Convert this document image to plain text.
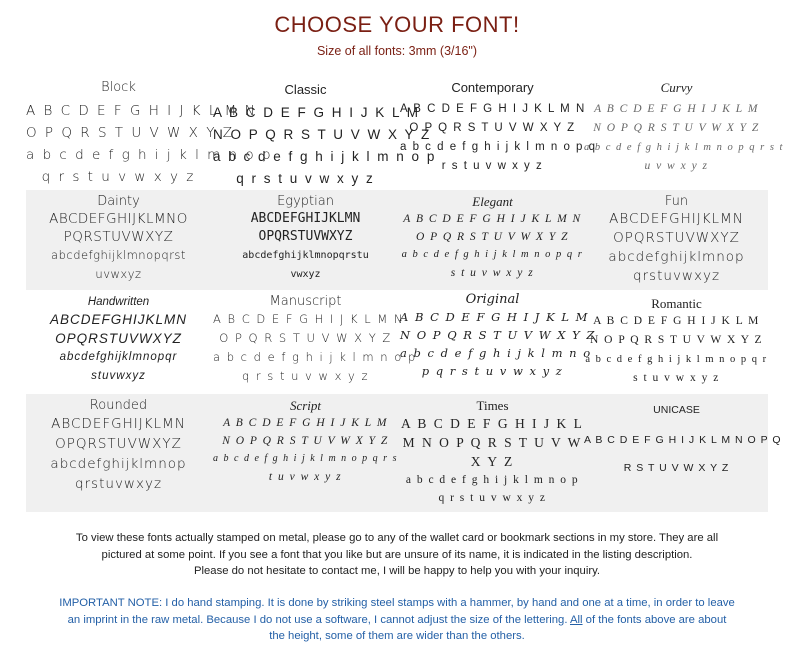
CHOOSE YOUR FONT!
Size of all fonts: 3mm (3/16")
Block
A B C D E F G H I J K L M N
O P Q R S T U V W X Y Z
a b c d e f g h i j k l m n o p
q r s t u v w x y z
Classic
A B C D E F G H I J K L M
N O P Q R S T U V W X Y Z
a b c d e f g h i j k l m n o p
q r s t u v w x y z
Contemporary
A B C D E F G H I J K L M N
O P Q R S T U V W X Y Z
a b c d e f g h i j k l m n o p q
r s t u v w x y z
Curvy
A B C D E F G H I J K L M
N O P Q R S T U V W X Y Z
a b c d e f g h i j k l m n o p q r s t
u v w x y z
Dainty
ABCDEFGHIJKLMNO
PQRSTUVWXYZ
abcdefghijklmnopqrst
uvwxyz
Egyptian
ABCDEFGHIJKLMN
OPQRSTUVWXYZ
abcdefghijklmnopqrstu
vwxyz
Elegant
A B C D E F G H I J K L M N
O P Q R S T U V W X Y Z
a b c d e f g h i j k l m n o p q r
s t u v w x y z
Fun
ABCDEFGHIJKLMN
OPQRSTUVWXYZ
abcdefghijklmnop
qrstuvwxyz
Handwritten
ABCDEFGHIJKLMN
OPQRSTUVWXYZ
abcdefghijklmnopqr
stuvwxyz
Manuscript
A B C D E F G H I J K L M N
O P Q R S T U V W X Y Z
a b c d e f g h i j k l m n o p
q r s t u v w x y z
Original
A B C D E F G H I J K L M
N O P Q R S T U V W X Y Z
a b c d e f g h i j k l m n o
p q r s t u v w x y z
Romantic
A B C D E F G H I J K L M
N O P Q R S T U V W X Y Z
a b c d e f g h i j k l m n o p q r
s t u v w x y z
Rounded
ABCDEFGHIJKLMN
OPQRSTUVWXYZ
abcdefghijklmnop
qrstuvwxyz
Script
A B C D E F G H I J K L M
N O P Q R S T U V W X Y Z
a b c d e f g h i j k l m n o p q r s
t u v w x y z
Times
A B C D E F G H I J K L
M N O P Q R S T U V W
X Y Z
a b c d e f g h i j k l m n o p
q r s t u v w x y z
UNICASE
A B C D E F G H I J K L M N O P Q
R S T U V W X Y Z
To view these fonts actually stamped on metal, please go to any of the wallet card or bookmark sections in my store. They are all
pictured at some point. If you see a font that you like but are unsure of its name, it is indicated in the listing description.
Please do not hesitate to contact me, I will be happy to help you with your inquiry.
IMPORTANT NOTE: I do hand stamping. It is done by striking steel stamps with a hammer, by hand and one at a time, in order to leave
an imprint in the raw metal. Because I do not use a software, I cannot adjust the size of the lettering. All of the fonts above are about
the height, some of them are wider than the others.
